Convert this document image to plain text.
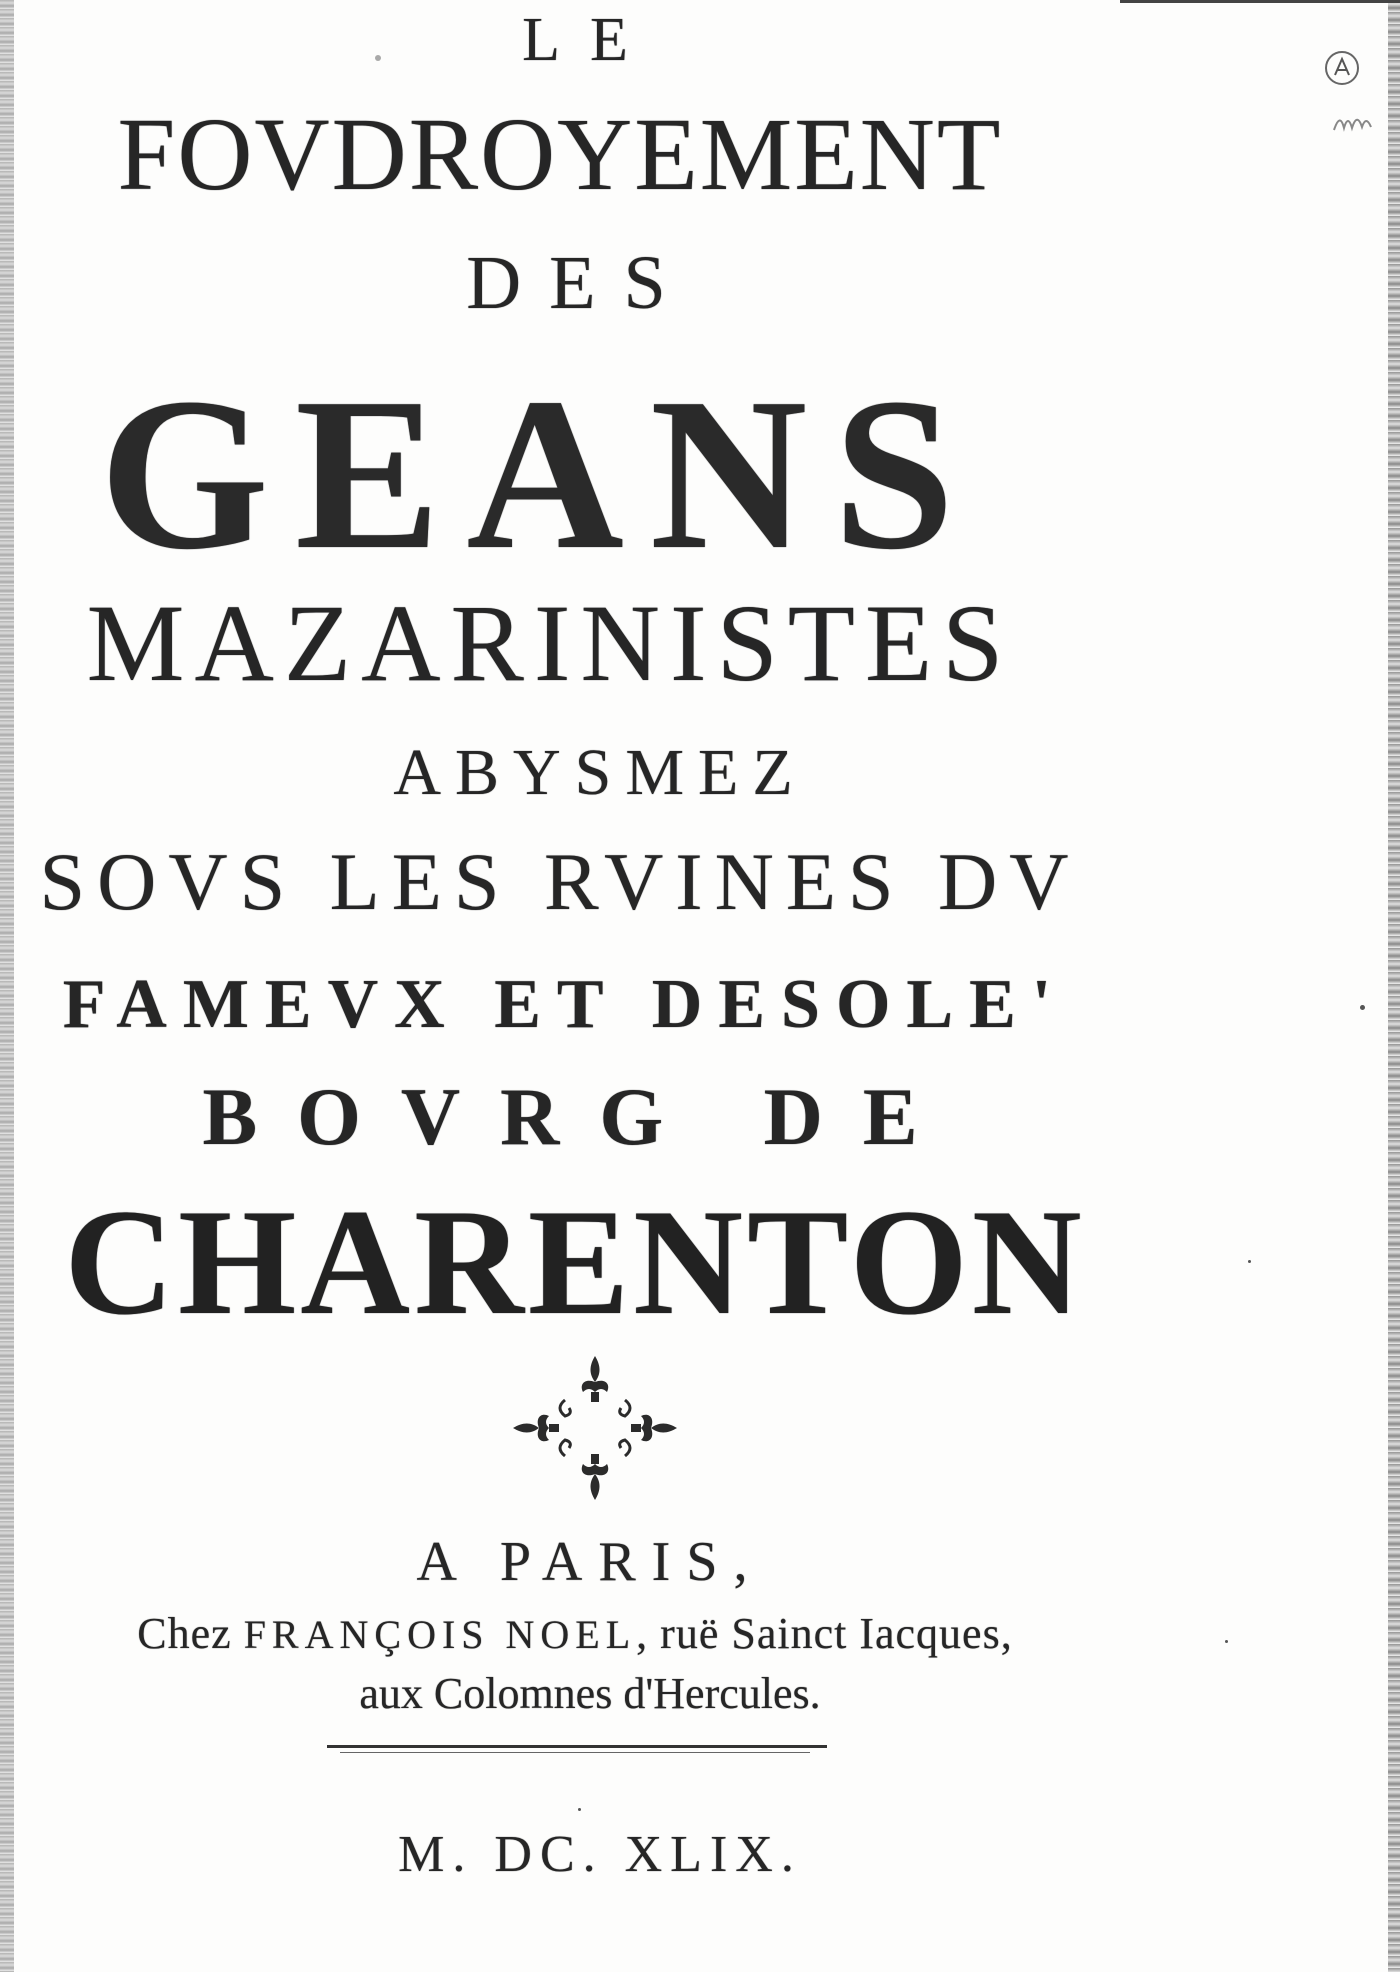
LE
FOVDROYEMENT
DES
GEANS
MAZARINISTES
ABYSMEZ
SOVS LES RVINES DV
FAMEVX ET DESOLE'
BOVRG DE
CHARENTON
A PARIS,
Chez FRANÇOIS NOEL, ruë Sainct Iacques,
aux Colomnes d'Hercules.
M. DC. XLIX.
